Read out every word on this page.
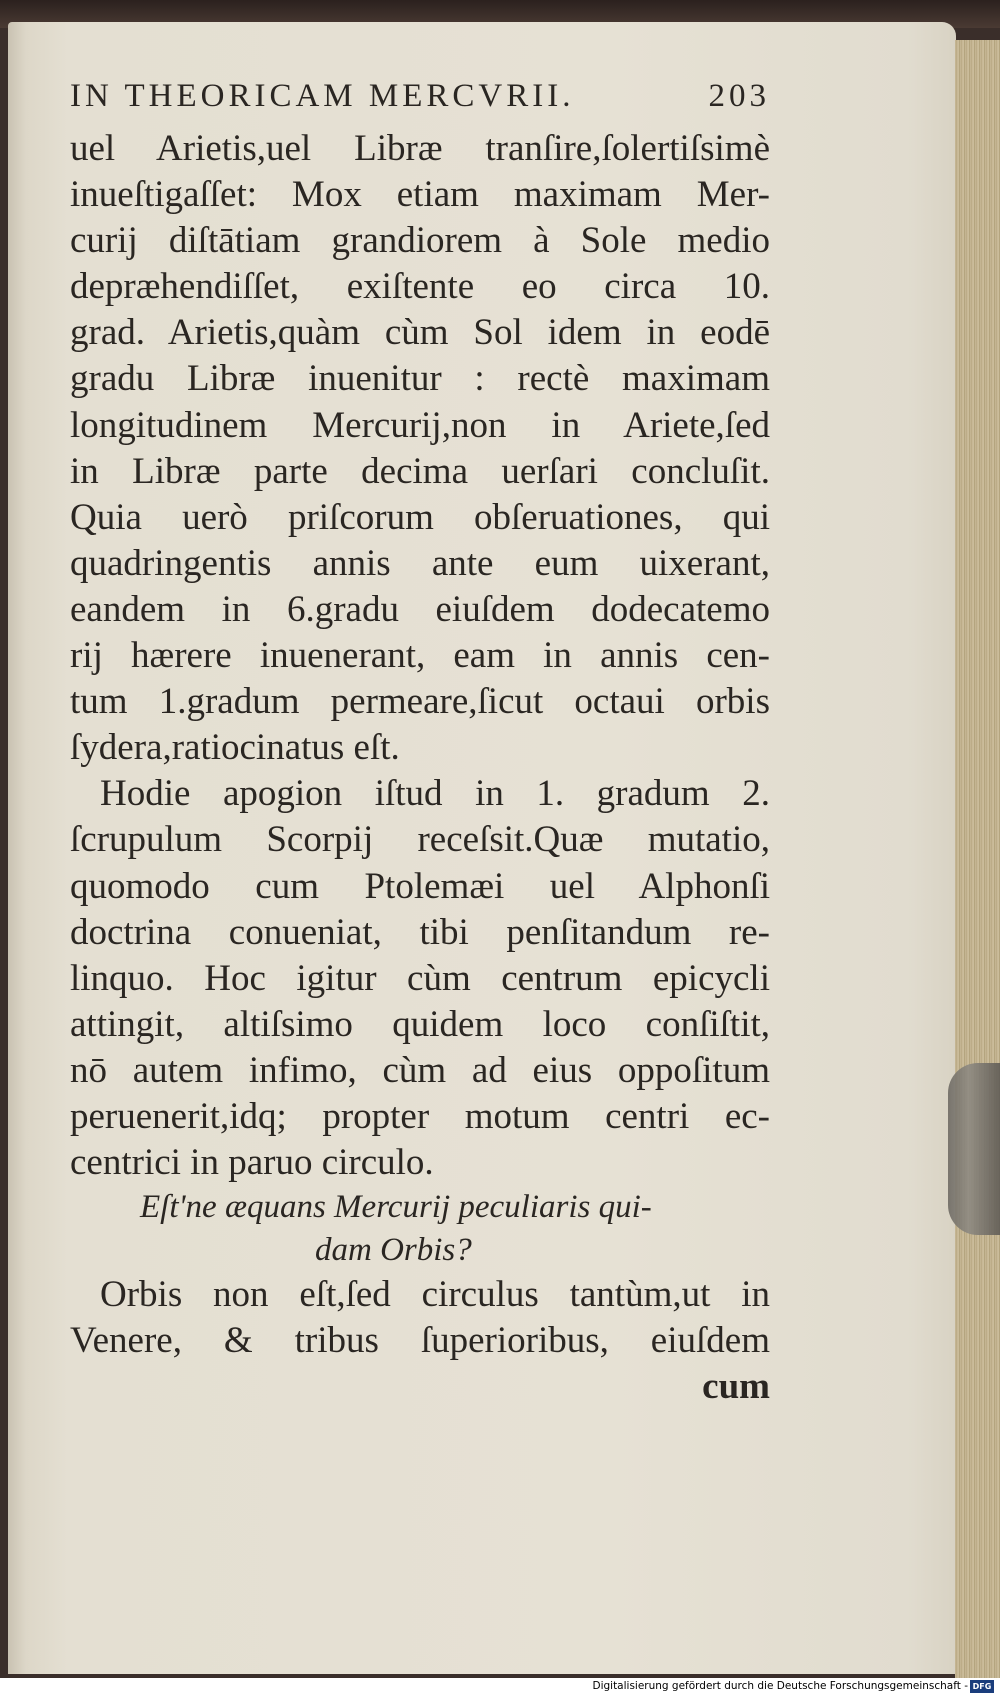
IN THEORICAM MERCVRII.	203
uel Arietis,uel Libræ tranſire,ſolertiſsimè
inueſtigaſſet: Mox etiam maximam Mer-
curij diſtātiam grandiorem à Sole medio
depræhendiſſet, exiſtente eo circa 10.
grad. Arietis,quàm cùm Sol idem in eodē
gradu Libræ inuenitur : rectè maximam
longitudinem Mercurij,non in Ariete,ſed
in Libræ parte decima uerſari concluſit.
Quia uerò priſcorum obſeruationes, qui
quadringentis annis ante eum uixerant,
eandem in 6.gradu eiuſdem dodecatemo
rij hærere inuenerant, eam in annis cen-
tum 1.gradum permeare,ſicut octaui orbis
ſydera,ratiocinatus eſt.
Hodie apogion iſtud in 1. gradum 2.
ſcrupulum Scorpij receſsit.Quæ mutatio,
quomodo cum Ptolemæi uel Alphonſi
doctrina conueniat, tibi penſitandum re-
linquo. Hoc igitur cùm centrum epicycli
attingit, altiſsimo quidem loco conſiſtit,
nō autem infimo, cùm ad eius oppoſitum
peruenerit,idq; propter motum centri ec-
centrici in paruo circulo.
Eſt'ne æquans Mercurij peculiaris qui-
dam Orbis?
Orbis non eſt,ſed circulus tantùm,ut in
Venere, & tribus ſuperioribus, eiuſdem
cum
Digitalisierung gefördert durch die Deutsche Forschungsgemeinschaft - DFG
